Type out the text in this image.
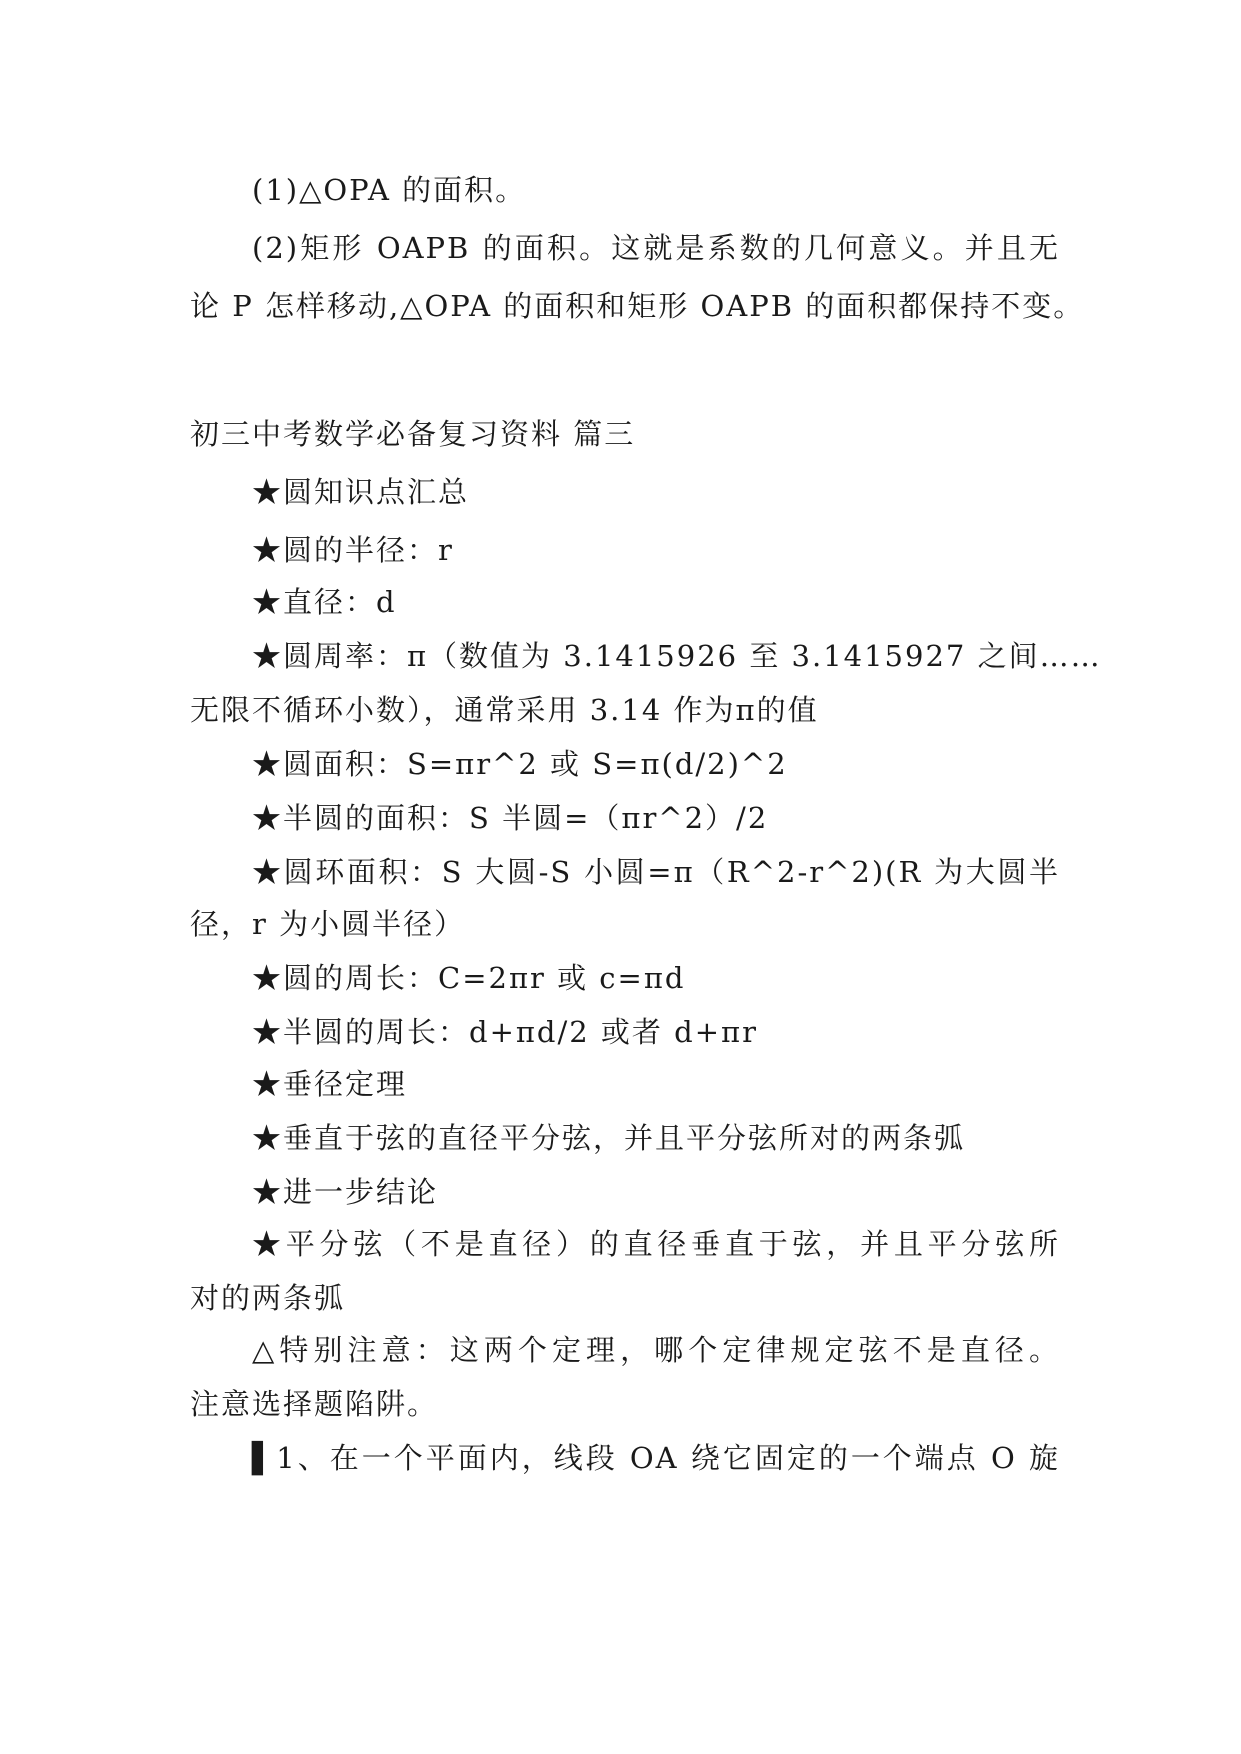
(1)△OPA 的面积。
(2)矩形 OAPB 的面积。这就是系数的几何意义。并且无
论 P 怎样移动,△OPA 的面积和矩形 OAPB 的面积都保持不变。
初三中考数学必备复习资料 篇三
★圆知识点汇总
★圆的半径：r
★直径：d
★圆周率：π（数值为 3.1415926 至 3.1415927 之间……
无限不循环小数），通常采用 3.14 作为π的值
★圆面积：S=πr^2 或 S=π(d/2)^2
★半圆的面积：S 半圆=（πr^2）/2
★圆环面积：S 大圆-S 小圆=π（R^2-r^2)(R 为大圆半
径，r 为小圆半径）
★圆的周长：C=2πr 或 c=πd
★半圆的周长：d+πd/2 或者 d+πr
★垂径定理
★垂直于弦的直径平分弦，并且平分弦所对的两条弧
★进一步结论
★平分弦（不是直径）的直径垂直于弦，并且平分弦所
对的两条弧
△特别注意：这两个定理，哪个定律规定弦不是直径。
注意选择题陷阱。
▌1、在一个平面内，线段 OA 绕它固定的一个端点 O 旋
